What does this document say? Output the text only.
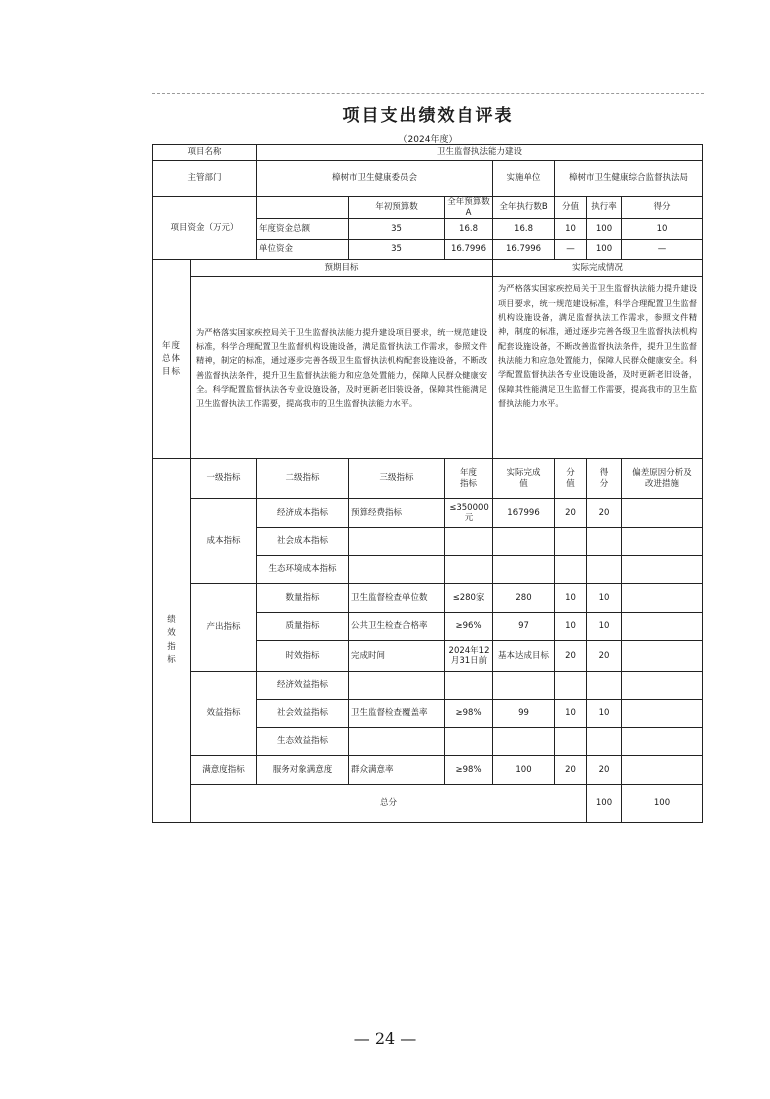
项目支出绩效自评表
（2024年度）
项目名称		卫生监督执法能力建设							
主管部门		樟树市卫生健康委员会			实施单位	樟树市卫生健康综合监督执法局			
项目资金（万元）			年初预算数	全年预算数A	全年执行数B	分值	执行率	得分	
		年度资金总额	35	16.8	16.8	10	100	10	
		单位资金	35	16.7996	16.7996	—	100	—	
年度总体目标	预期目标				实际完成情况				
	为严格落实国家疾控局关于卫生监督执法能力提升建设项目要求，统一规范建设标准，科学合理配置卫生监督机构设施设备，满足监督执法工作需求，参照文件精神，制定的标准，通过逐步完善各级卫生监督执法机构配套设施设备，不断改善监督执法条件，提升卫生监督执法能力和应急处置能力，保障人民群众健康安全。科学配置监督执法各专业设施设备，及时更新老旧装设备，保障其性能满足卫生监督执法工作需要，提高我市的卫生监督执法能力水平。				为严格落实国家疾控局关于卫生监督执法能力提升建设项目要求，统一规范建设标准，科学合理配置卫生监督机构设施设备，满足监督执法工作需求，参照文件精神，制度的标准，通过逐步完善各级卫生监督执法机构配套设施设备，不断改善监督执法条件，提升卫生监督执法能力和应急处置能力，保障人民群众健康安全。科学配置监督执法各专业设施设备，及时更新老旧设备，保障其性能满足卫生监督工作需要，提高我市的卫生监督执法能力水平。				
绩效指标	一级指标	二级指标	三级指标	年度指标	实际完成值	分值	得分	偏差原因分析及改进措施	
	成本指标	经济成本指标	预算经费指标	≤350000元	167996	20	20		
		社会成本指标							
		生态环境成本指标							
	产出指标	数量指标	卫生监督检查单位数	≤280家	280	10	10		
		质量指标	公共卫生检查合格率	≥96%	97	10	10		
		时效指标	完成时间	2024年12月31日前	基本达成目标	20	20		
	效益指标	经济效益指标							
		社会效益指标	卫生监督检查覆盖率	≥98%	99	10	10		
		生态效益指标							
	满意度指标	服务对象满意度	群众满意率	≥98%	100	20	20		
	总分						100	100	
— 24 —
